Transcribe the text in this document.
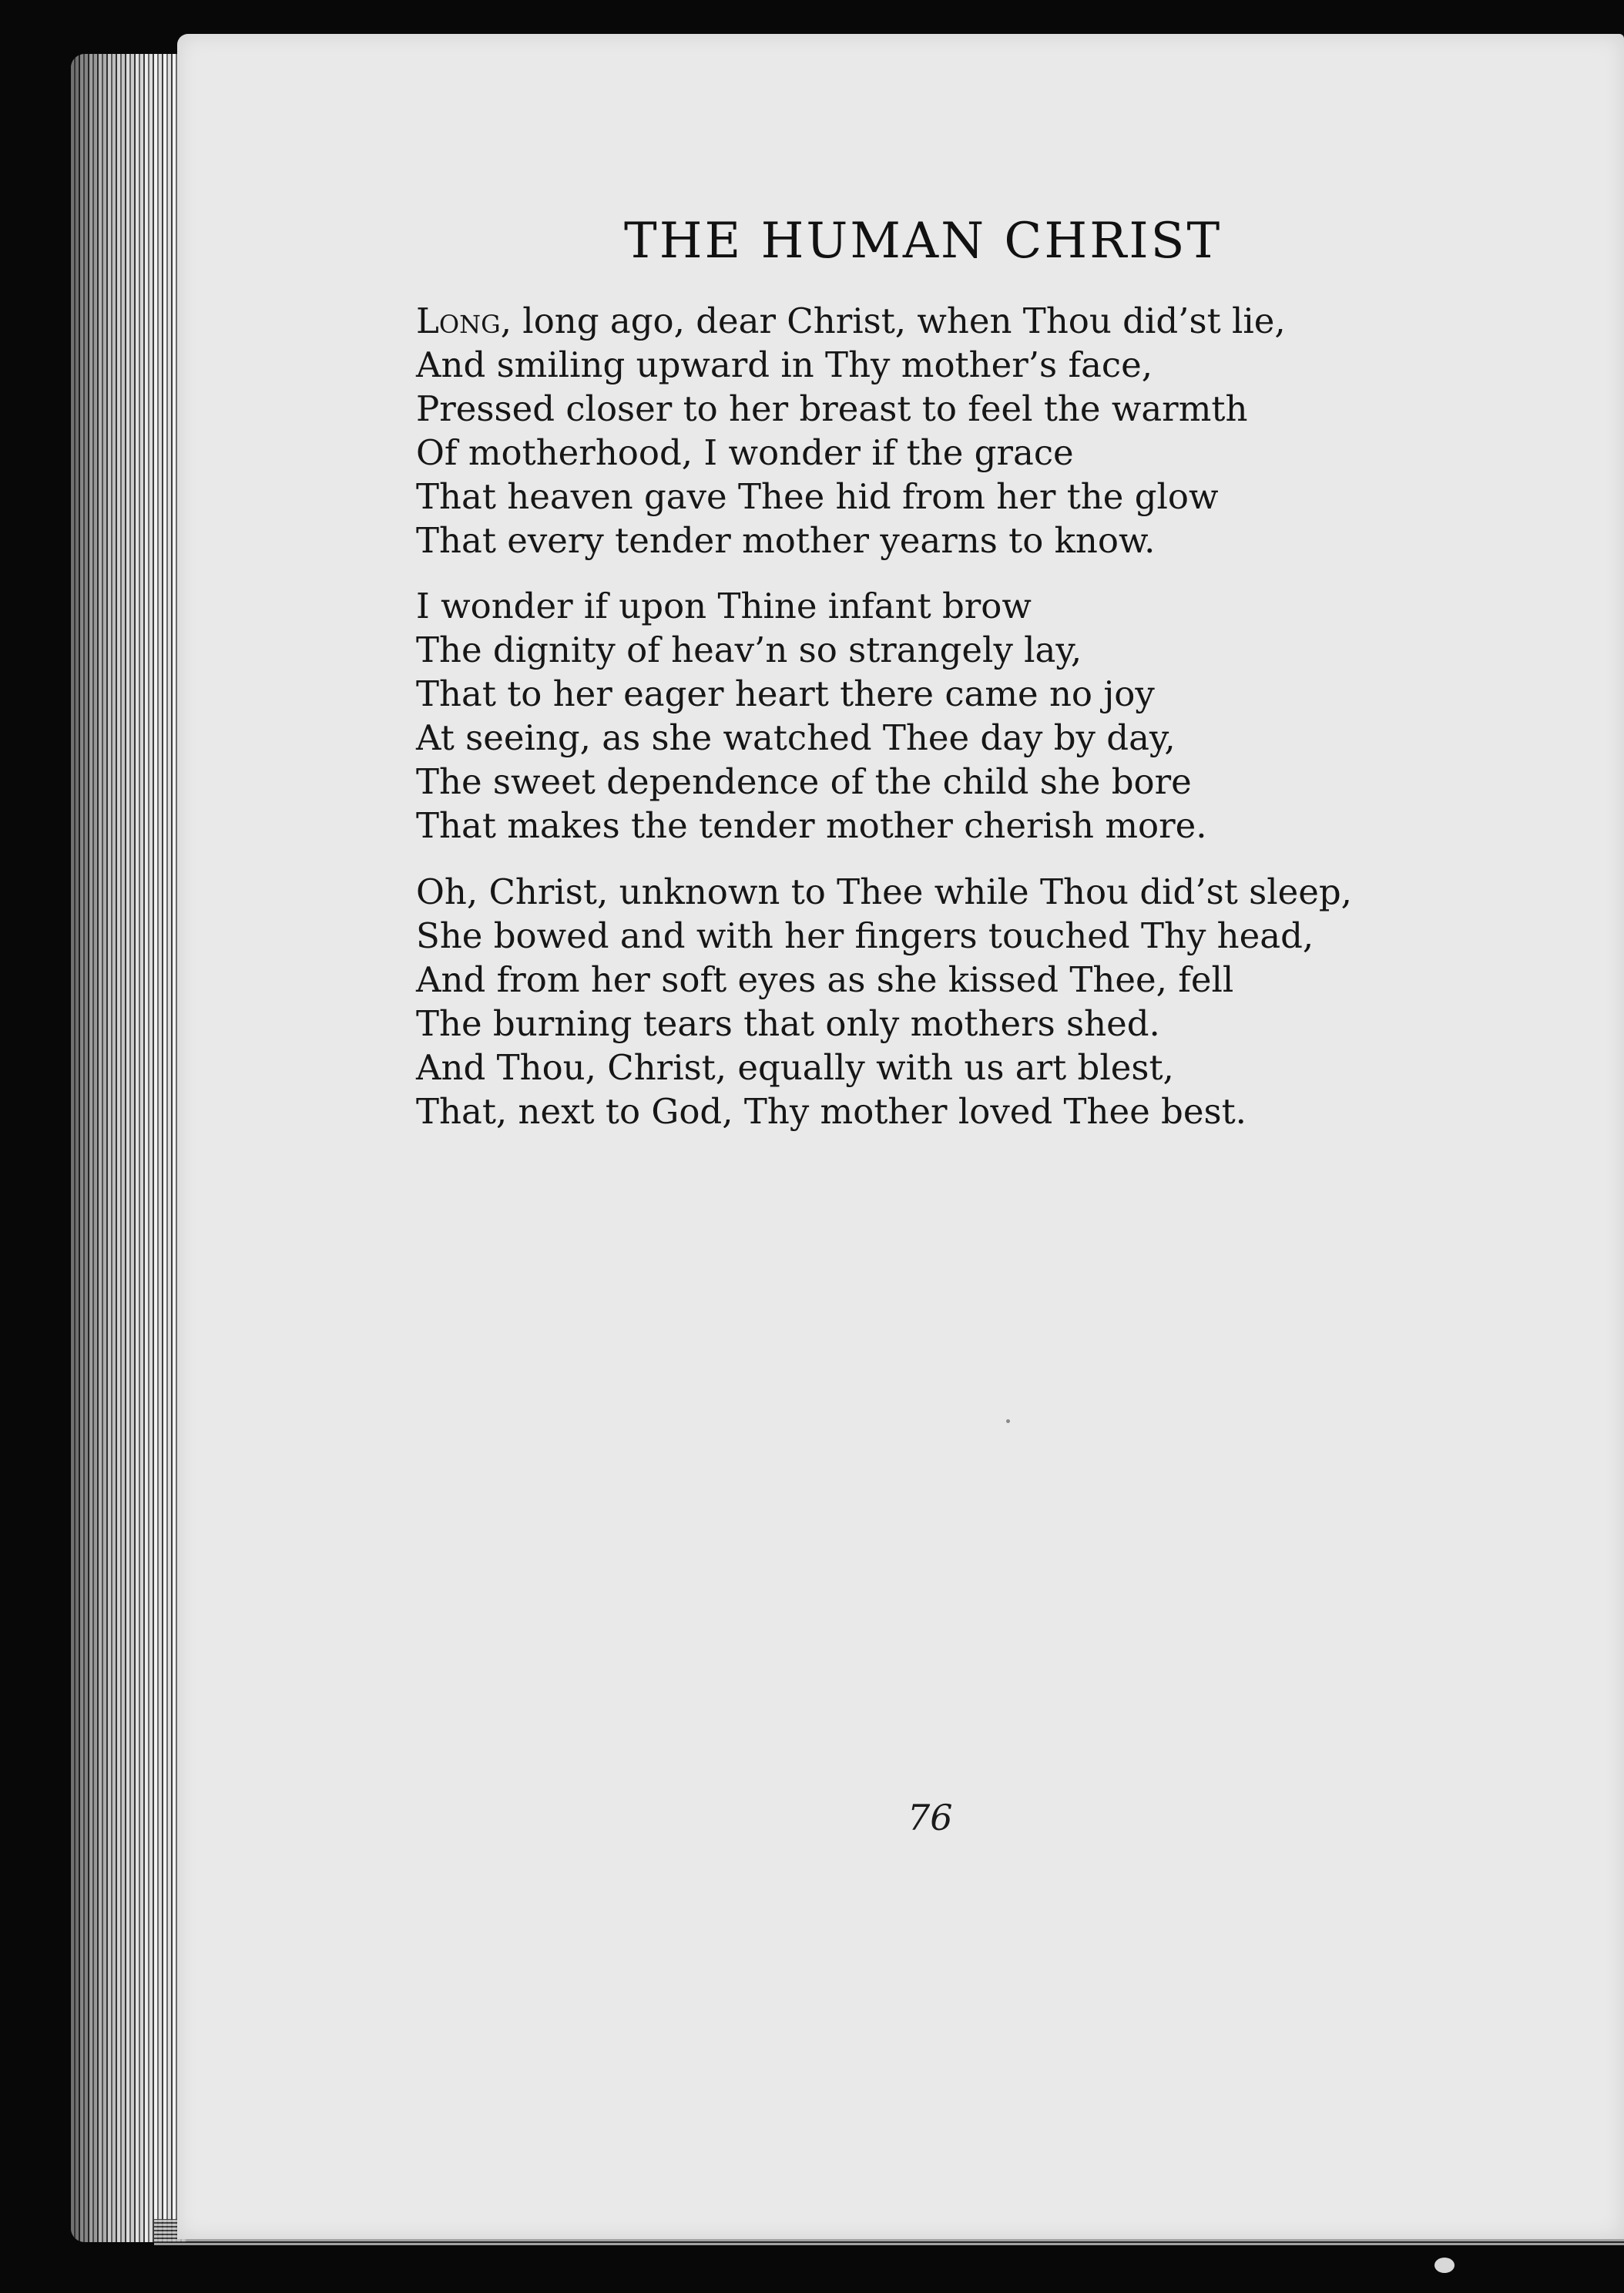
THE HUMAN CHRIST
Long, long ago, dear Christ, when Thou did’st lie,
And smiling upward in Thy mother’s face,
Pressed closer to her breast to feel the warmth
Of motherhood, I wonder if the grace
That heaven gave Thee hid from her the glow
That every tender mother yearns to know.
I wonder if upon Thine infant brow
The dignity of heav’n so strangely lay,
That to her eager heart there came no joy
At seeing, as she watched Thee day by day,
The sweet dependence of the child she bore
That makes the tender mother cherish more.
Oh, Christ, unknown to Thee while Thou did’st sleep,
She bowed and with her fingers touched Thy head,
And from her soft eyes as she kissed Thee, fell
The burning tears that only mothers shed.
And Thou, Christ, equally with us art blest,
That, next to God, Thy mother loved Thee best.
76
